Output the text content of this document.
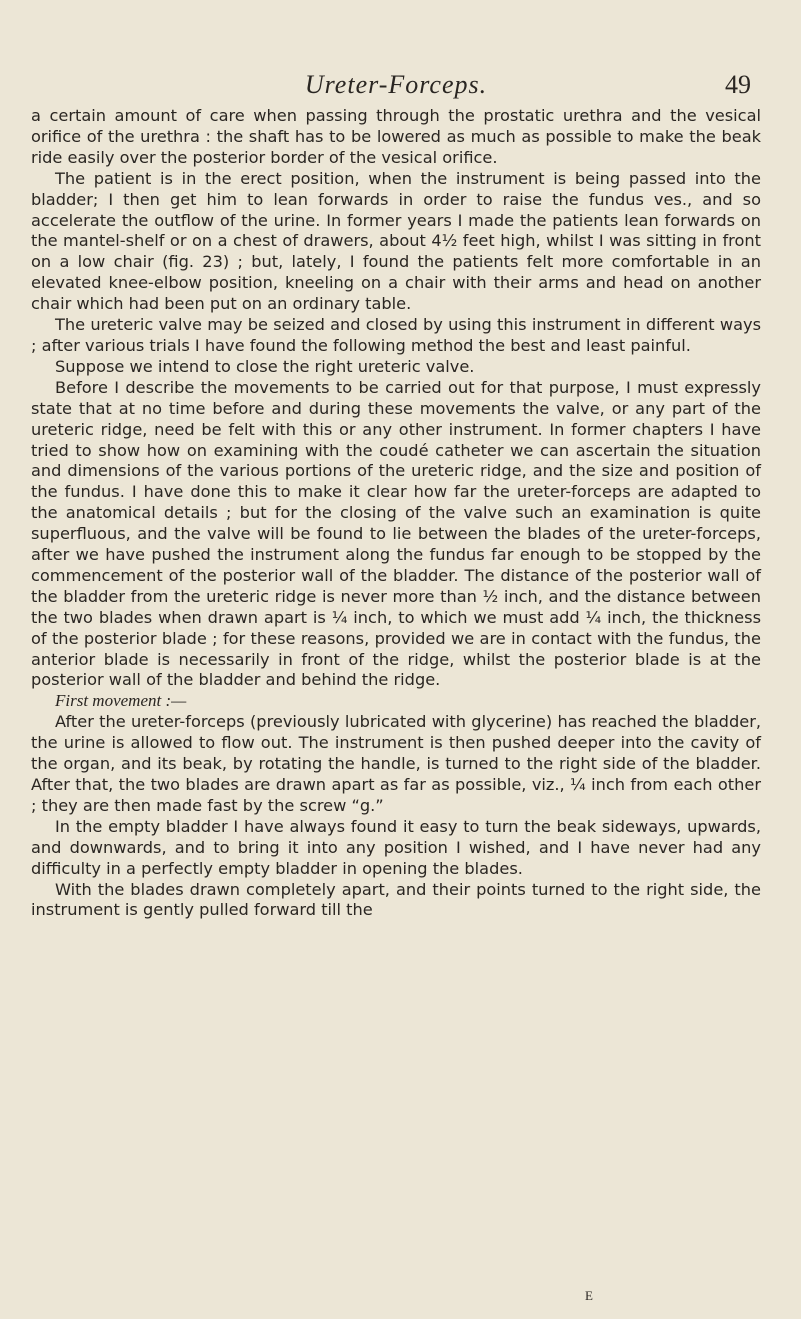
Ureter-Forceps.	49

a certain amount of care when passing through the prostatic urethra and the vesical orifice of the urethra : the shaft has to be lowered as much as possible to make the beak ride easily over the posterior border of the vesical orifice.

The patient is in the erect position, when the instrument is being passed into the bladder; I then get him to lean forwards in order to raise the fundus ves., and so accelerate the outflow of the urine. In former years I made the patients lean forwards on the mantel-shelf or on a chest of drawers, about 4½ feet high, whilst I was sitting in front on a low chair (fig. 23) ; but, lately, I found the patients felt more comfortable in an elevated knee-elbow position, kneeling on a chair with their arms and head on another chair which had been put on an ordinary table.

The ureteric valve may be seized and closed by using this instrument in different ways ; after various trials I have found the following method the best and least painful.

Suppose we intend to close the right ureteric valve.

Before I describe the movements to be carried out for that purpose, I must expressly state that at no time before and during these movements the valve, or any part of the ureteric ridge, need be felt with this or any other instrument. In former chapters I have tried to show how on examining with the coudé catheter we can ascertain the situation and dimensions of the various portions of the ureteric ridge, and the size and position of the fundus. I have done this to make it clear how far the ureter-forceps are adapted to the anatomical details ; but for the closing of the valve such an examination is quite superfluous, and the valve will be found to lie between the blades of the ureter-forceps, after we have pushed the instrument along the fundus far enough to be stopped by the commencement of the posterior wall of the bladder. The distance of the posterior wall of the bladder from the ureteric ridge is never more than ½ inch, and the distance between the two blades when drawn apart is ¼ inch, to which we must add ¼ inch, the thickness of the posterior blade ; for these reasons, provided we are in contact with the fundus, the anterior blade is necessarily in front of the ridge, whilst the posterior blade is at the posterior wall of the bladder and behind the ridge.

First movement :—

After the ureter-forceps (previously lubricated with glycerine) has reached the bladder, the urine is allowed to flow out. The instrument is then pushed deeper into the cavity of the organ, and its beak, by rotating the handle, is turned to the right side of the bladder. After that, the two blades are drawn apart as far as possible, viz., ¼ inch from each other ; they are then made fast by the screw “g.”

In the empty bladder I have always found it easy to turn the beak sideways, upwards, and downwards, and to bring it into any position I wished, and I have never had any difficulty in a perfectly empty bladder in opening the blades.

With the blades drawn completely apart, and their points turned to the right side, the instrument is gently pulled forward till the

E
